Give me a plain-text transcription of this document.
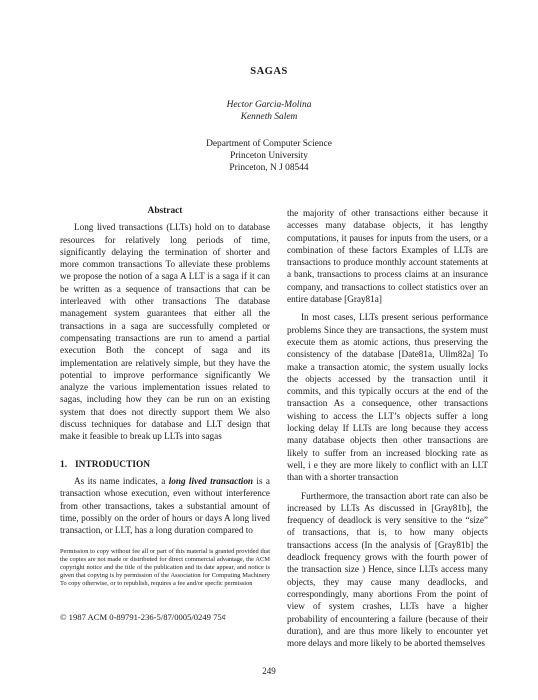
SAGAS
Hector Garcia-Molina
Kenneth Salem
Department of Computer Science
Princeton University
Princeton, N J 08544
Abstract

Long lived transactions (LLTs) hold on to database resources for relatively long periods of time, significantly delaying the termination of shorter and more common transactions To alleviate these problems we propose the notion of a saga A LLT is a saga if it can be written as a sequence of transactions that can be interleaved with other transactions The database management system guarantees that either all the transactions in a saga are successfully completed or compensating transactions are run to amend a partial execution Both the concept of saga and its implementation are relatively simple, but they have the potential to improve performance significantly We analyze the various implementation issues related to sagas, including how they can be run on an existing system that does not directly support them We also discuss techniques for database and LLT design that make it feasible to break up LLTs into sagas

1. INTRODUCTION

As its name indicates, a long lived transaction is a transaction whose execution, even without interference from other transactions, takes a substantial amount of time, possibly on the order of hours or days A long lived transaction, or LLT, has a long duration compared to

the majority of other transactions either because it accesses many database objects, it has lengthy computations, it pauses for inputs from the users, or a combination of these factors Examples of LLTs are transactions to produce monthly account statements at a bank, transactions to process claims at an insurance company, and transactions to collect statistics over an entire database [Gray81a]

In most cases, LLTs present serious performance problems Since they are transactions, the system must execute them as atomic actions, thus preserving the consistency of the database [Date81a, Ullm82a] To make a transaction atomic, the system usually locks the objects accessed by the transaction until it commits, and this typically occurs at the end of the transaction As a consequence, other transactions wishing to access the LLT’s objects suffer a long locking delay If LLTs are long because they access many database objects then other transactions are likely to suffer from an increased blocking rate as well, i e they are more likely to conflict with an LLT than with a shorter transaction

Furthermore, the transaction abort rate can also be increased by LLTs As discussed in [Gray81b], the frequency of deadlock is very sensitive to the “size” of transactions, that is, to how many objects transactions access (In the analysis of [Gray81b] the deadlock frequency grows with the fourth power of the transaction size ) Hence, since LLTs access many objects, they may cause many deadlocks, and correspondingly, many abortions From the point of view of system crashes, LLTs have a higher probability of encountering a failure (because of their duration), and are thus more likely to encounter yet more delays and more likely to be aborted themselves

Permission to copy without fee all or part of this material is granted provided that the copies are not made or distributed for direct commercial advantage, the ACM copyright notice and the title of the publication and its date appear, and notice is given that copying is by permission of the Association for Computing Machinery To copy otherwise, or to republish, requires a fee and/or specfic permission
© 1987 ACM 0-89791-236-5/87/0005/0249 75¢
249
